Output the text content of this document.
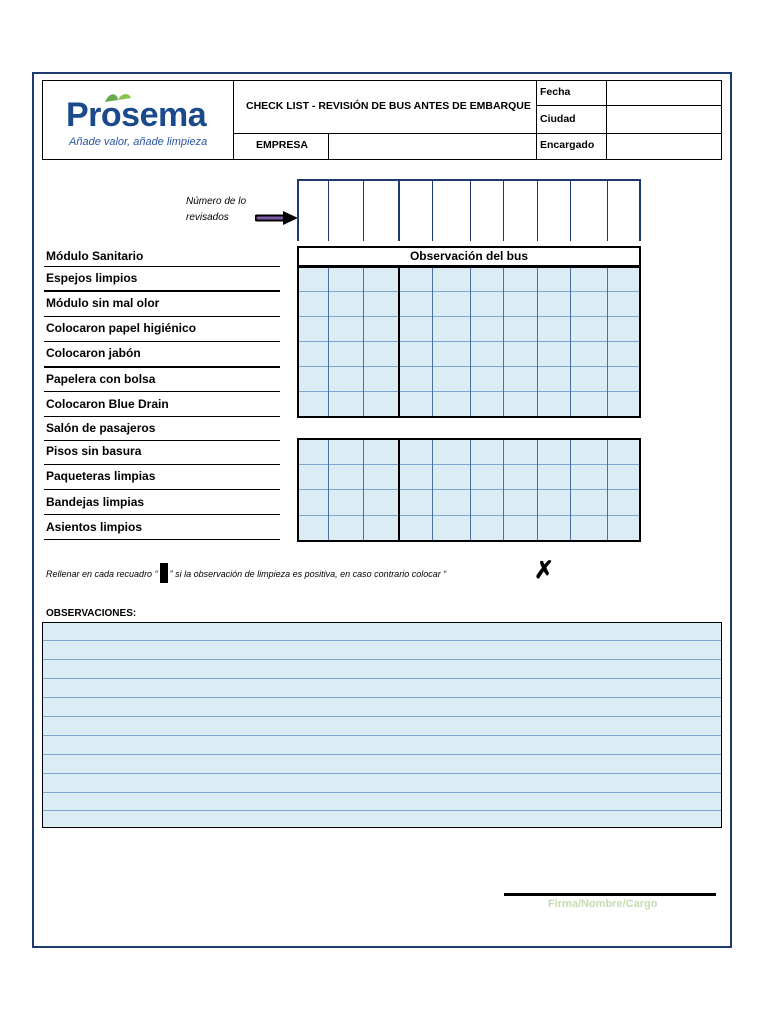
Prosema
Añade valor, añade limpieza
CHECK LIST - REVISIÓN DE BUS ANTES DE EMBARQUE
EMPRESA
Fecha
Ciudad
Encargado
Número de lo
revisados
Observación del bus
Módulo Sanitario
Espejos limpios
Módulo sin mal olor
Colocaron papel higiénico
Colocaron jabón
Papelera con bolsa
Colocaron Blue Drain
Salón de pasajeros
Pisos sin basura
Paqueteras limpias
Bandejas limpias
Asientos limpios
Rellenar en cada recuadro “ ” si la observación de limpieza es positiva, en caso contrario colocar “	✗
OBSERVACIONES:
Firma/Nombre/Cargo
